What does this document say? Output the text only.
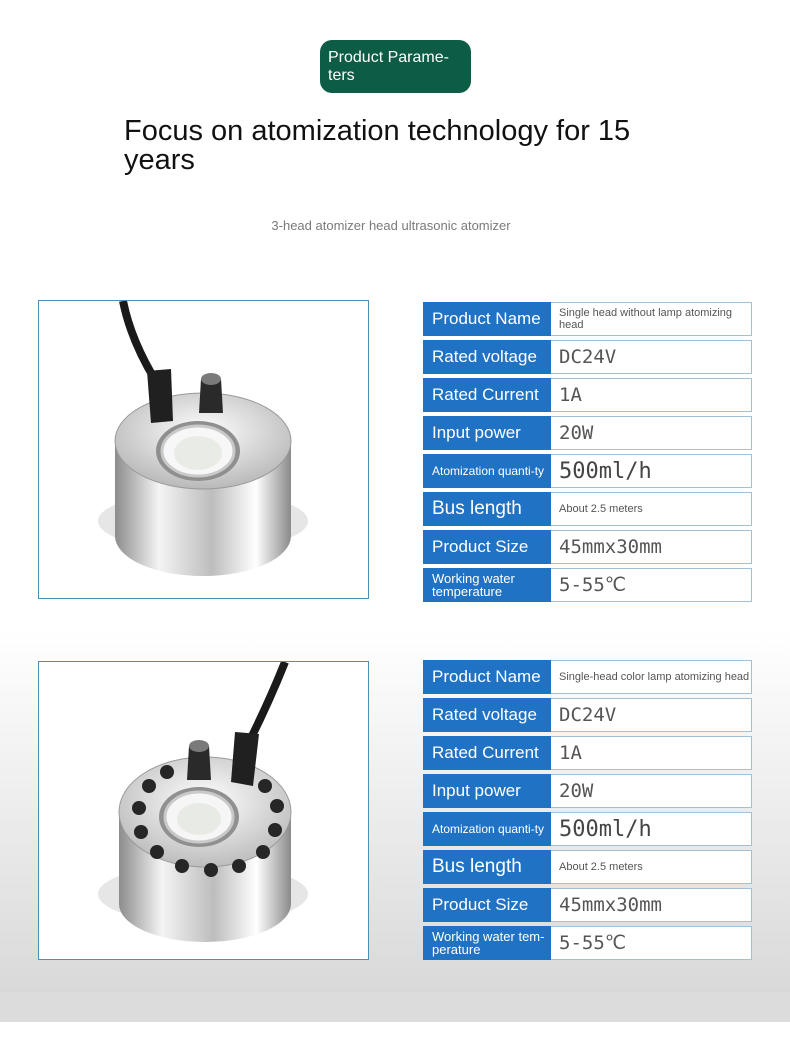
Product Parame-ters
Focus on atomization technology for 15 years
3-head atomizer head ultrasonic atomizer
Product Name	Single head without lamp atomizing head
Rated voltage	DC24V
Rated Current	1A
Input power	20W
Atomization quanti-ty 500ml/h
Bus length	About 2.5 meters
Product Size	45mmx30mm
Working water temperature	5-55℃
Product Name	Single-head color lamp atomizing head
Rated voltage	DC24V
Rated Current	1A
Input power	20W
Atomization quanti-ty 500ml/h
Bus length	About 2.5 meters
Product Size	45mmx30mm
Working water tem-perature	5-55℃
